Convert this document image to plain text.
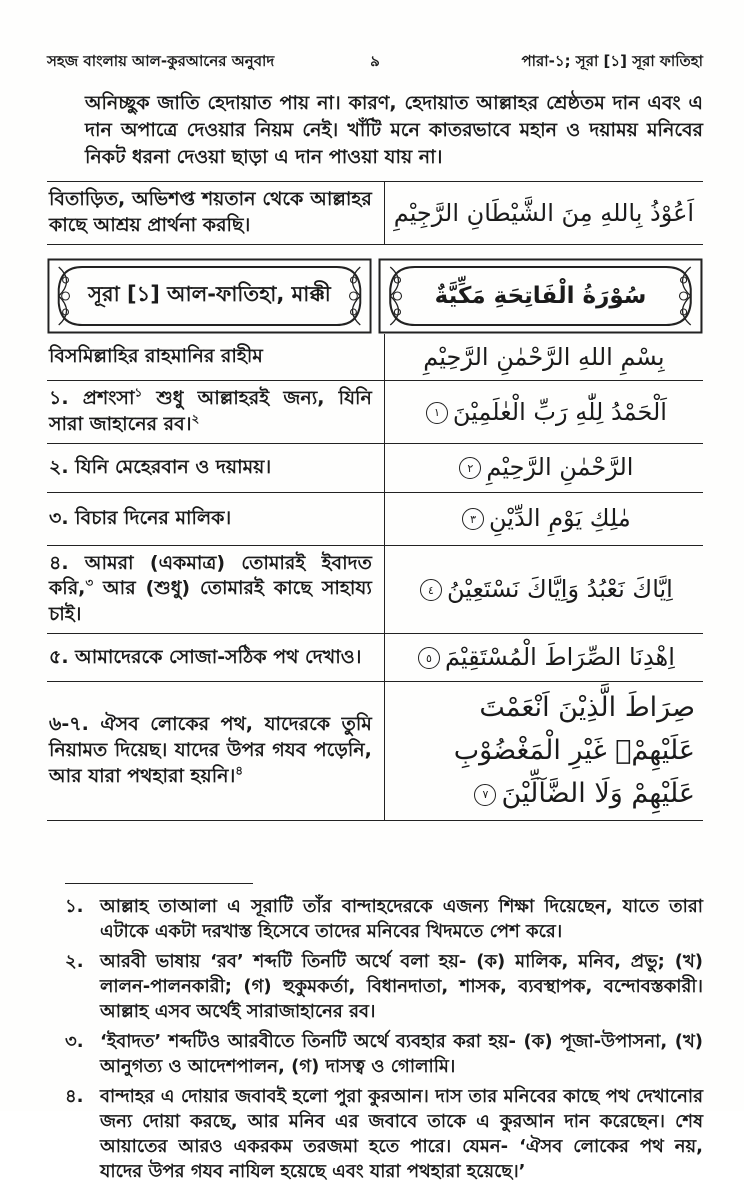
সহজ বাংলায় আল-কুরআনের অনুবাদ	৯	পারা-১; সূরা [১] সূরা ফাতিহা

অনিচ্ছুক জাতি হেদায়াত পায় না। কারণ, হেদায়াত আল্লাহর শ্রেষ্ঠতম দান এবং এ দান অপাত্রে দেওয়ার নিয়ম নেই। খাঁটি মনে কাতরভাবে মহান ও দয়াময় মনিবের নিকট ধরনা দেওয়া ছাড়া এ দান পাওয়া যায় না।

বিতাড়িত, অভিশপ্ত শয়তান থেকে আল্লাহর কাছে আশ্রয় প্রার্থনা করছি।	اَعُوْذُ بِاللهِ مِنَ الشَّيْطَانِ الرَّجِيْمِ
সূরা [১] আল-ফাতিহা, মাক্কী	سُوْرَةُ الْفَاتِحَةِ مَكِّيَّةٌ
বিসমিল্লাহির রাহমানির রাহীম	بِسْمِ اللهِ الرَّحْمٰنِ الرَّحِيْمِ
১. প্রশংসা$^১$ শুধু আল্লাহরই জন্য, যিনি সারা জাহানের রব।$^২$	اَلْحَمْدُ لِلّٰهِ رَبِّ الْعٰلَمِيْنَ١
২. যিনি মেহেরবান ও দয়াময়।	الرَّحْمٰنِ الرَّحِيْمِ٢
৩. বিচার দিনের মালিক।	مٰلِكِ يَوْمِ الدِّيْنِ٣
৪. আমরা (একমাত্র) তোমারই ইবাদত করি,$^৩$ আর (শুধু) তোমারই কাছে সাহায্য চাই।
اِيَّاكَ نَعْبُدُ وَاِيَّاكَ نَسْتَعِيْنُ٤
৫. আমাদেরকে সোজা-সঠিক পথ দেখাও।	اِهْدِنَا الصِّرَاطَ الْمُسْتَقِيْمَ٥
৬-৭. ঐসব লোকের পথ, যাদেরকে তুমি নিয়ামত দিয়েছ। যাদের উপর গযব পড়েনি, আর যারা পথহারা হয়নি।$^৪$
صِرَاطَ الَّذِيْنَ اَنْعَمْتَ عَلَيْهِمْۙ غَيْرِ الْمَغْضُوْبِ عَلَيْهِمْ وَلَا الضَّآلِّيْنَ٧
১. আল্লাহ তাআলা এ সূরাটি তাঁর বান্দাহদেরকে এজন্য শিক্ষা দিয়েছেন, যাতে তারা এটাকে একটা দরখাস্ত হিসেবে তাদের মনিবের খিদমতে পেশ করে।
২. আরবী ভাষায় ‘রব’ শব্দটি তিনটি অর্থে বলা হয়- (ক) মালিক, মনিব, প্রভু; (খ) লালন-পালনকারী; (গ) হুকুমকর্তা, বিধানদাতা, শাসক, ব্যবস্থাপক, বন্দোবস্তকারী। আল্লাহ এসব অর্থেই সারাজাহানের রব।
৩. ‘ইবাদত’ শব্দটিও আরবীতে তিনটি অর্থে ব্যবহার করা হয়- (ক) পূজা-উপাসনা, (খ) আনুগত্য ও আদেশপালন, (গ) দাসত্ব ও গোলামি।
৪. বান্দাহর এ দোয়ার জবাবই হলো পুরা কুরআন। দাস তার মনিবের কাছে পথ দেখানোর জন্য দোয়া করছে, আর মনিব এর জবাবে তাকে এ কুরআন দান করেছেন। শেষ আয়াতের আরও একরকম তরজমা হতে পারে। যেমন- ‘ঐসব লোকের পথ নয়, যাদের উপর গযব নাযিল হয়েছে এবং যারা পথহারা হয়েছে।’
